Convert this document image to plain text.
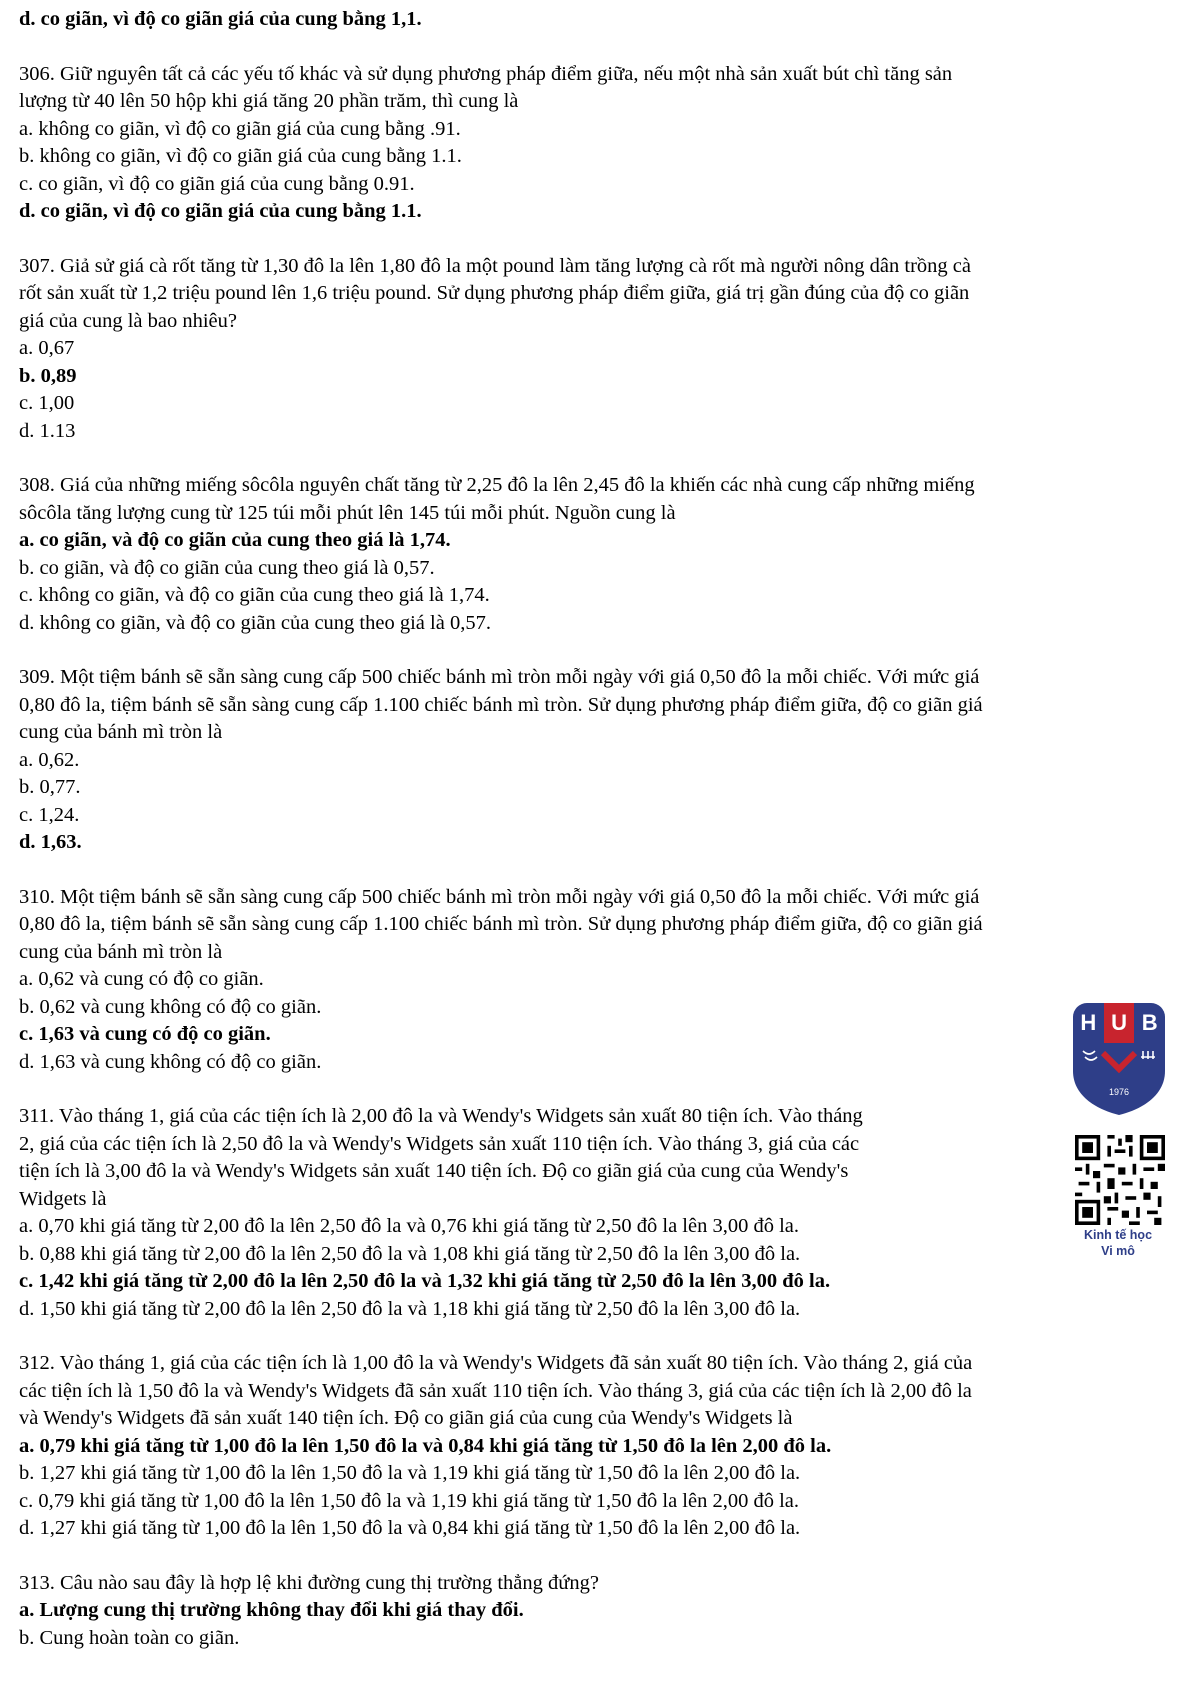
d. co giãn, vì độ co giãn giá của cung bằng 1,1.
306. Giữ nguyên tất cả các yếu tố khác và sử dụng phương pháp điểm giữa, nếu một nhà sản xuất bút chì tăng sản
lượng từ 40 lên 50 hộp khi giá tăng 20 phần trăm, thì cung là
a. không co giãn, vì độ co giãn giá của cung bằng .91.
b. không co giãn, vì độ co giãn giá của cung bằng 1.1.
c. co giãn, vì độ co giãn giá của cung bằng 0.91.
d. co giãn, vì độ co giãn giá của cung bằng 1.1.
307. Giả sử giá cà rốt tăng từ 1,30 đô la lên 1,80 đô la một pound làm tăng lượng cà rốt mà người nông dân trồng cà
rốt sản xuất từ 1,2 triệu pound lên 1,6 triệu pound. Sử dụng phương pháp điểm giữa, giá trị gần đúng của độ co giãn
giá của cung là bao nhiêu?
a. 0,67
b. 0,89
c. 1,00
d. 1.13
308. Giá của những miếng sôcôla nguyên chất tăng từ 2,25 đô la lên 2,45 đô la khiến các nhà cung cấp những miếng
sôcôla tăng lượng cung từ 125 túi mỗi phút lên 145 túi mỗi phút. Nguồn cung là
a. co giãn, và độ co giãn của cung theo giá là 1,74.
b. co giãn, và độ co giãn của cung theo giá là 0,57.
c. không co giãn, và độ co giãn của cung theo giá là 1,74.
d. không co giãn, và độ co giãn của cung theo giá là 0,57.
309. Một tiệm bánh sẽ sẵn sàng cung cấp 500 chiếc bánh mì tròn mỗi ngày với giá 0,50 đô la mỗi chiếc. Với mức giá
0,80 đô la, tiệm bánh sẽ sẵn sàng cung cấp 1.100 chiếc bánh mì tròn. Sử dụng phương pháp điểm giữa, độ co giãn giá
cung của bánh mì tròn là
a. 0,62.
b. 0,77.
c. 1,24.
d. 1,63.
310. Một tiệm bánh sẽ sẵn sàng cung cấp 500 chiếc bánh mì tròn mỗi ngày với giá 0,50 đô la mỗi chiếc. Với mức giá
0,80 đô la, tiệm bánh sẽ sẵn sàng cung cấp 1.100 chiếc bánh mì tròn. Sử dụng phương pháp điểm giữa, độ co giãn giá
cung của bánh mì tròn là
a. 0,62 và cung có độ co giãn.
b. 0,62 và cung không có độ co giãn.
c. 1,63 và cung có độ co giãn.
d. 1,63 và cung không có độ co giãn.
311. Vào tháng 1, giá của các tiện ích là 2,00 đô la và Wendy's Widgets sản xuất 80 tiện ích. Vào tháng
2, giá của các tiện ích là 2,50 đô la và Wendy's Widgets sản xuất 110 tiện ích. Vào tháng 3, giá của các
tiện ích là 3,00 đô la và Wendy's Widgets sản xuất 140 tiện ích. Độ co giãn giá của cung của Wendy's
Widgets là
a. 0,70 khi giá tăng từ 2,00 đô la lên 2,50 đô la và 0,76 khi giá tăng từ 2,50 đô la lên 3,00 đô la.
b. 0,88 khi giá tăng từ 2,00 đô la lên 2,50 đô la và 1,08 khi giá tăng từ 2,50 đô la lên 3,00 đô la.
c. 1,42 khi giá tăng từ 2,00 đô la lên 2,50 đô la và 1,32 khi giá tăng từ 2,50 đô la lên 3,00 đô la.
d. 1,50 khi giá tăng từ 2,00 đô la lên 2,50 đô la và 1,18 khi giá tăng từ 2,50 đô la lên 3,00 đô la.
312. Vào tháng 1, giá của các tiện ích là 1,00 đô la và Wendy's Widgets đã sản xuất 80 tiện ích. Vào tháng 2, giá của
các tiện ích là 1,50 đô la và Wendy's Widgets đã sản xuất 110 tiện ích. Vào tháng 3, giá của các tiện ích là 2,00 đô la
và Wendy's Widgets đã sản xuất 140 tiện ích. Độ co giãn giá của cung của Wendy's Widgets là
a. 0,79 khi giá tăng từ 1,00 đô la lên 1,50 đô la và 0,84 khi giá tăng từ 1,50 đô la lên 2,00 đô la.
b. 1,27 khi giá tăng từ 1,00 đô la lên 1,50 đô la và 1,19 khi giá tăng từ 1,50 đô la lên 2,00 đô la.
c. 0,79 khi giá tăng từ 1,00 đô la lên 1,50 đô la và 1,19 khi giá tăng từ 1,50 đô la lên 2,00 đô la.
d. 1,27 khi giá tăng từ 1,00 đô la lên 1,50 đô la và 0,84 khi giá tăng từ 1,50 đô la lên 2,00 đô la.
313. Câu nào sau đây là hợp lệ khi đường cung thị trường thẳng đứng?
a. Lượng cung thị trường không thay đổi khi giá thay đổi.
b. Cung hoàn toàn co giãn.
H U B
1976
Kinh tế học
Vi mô
